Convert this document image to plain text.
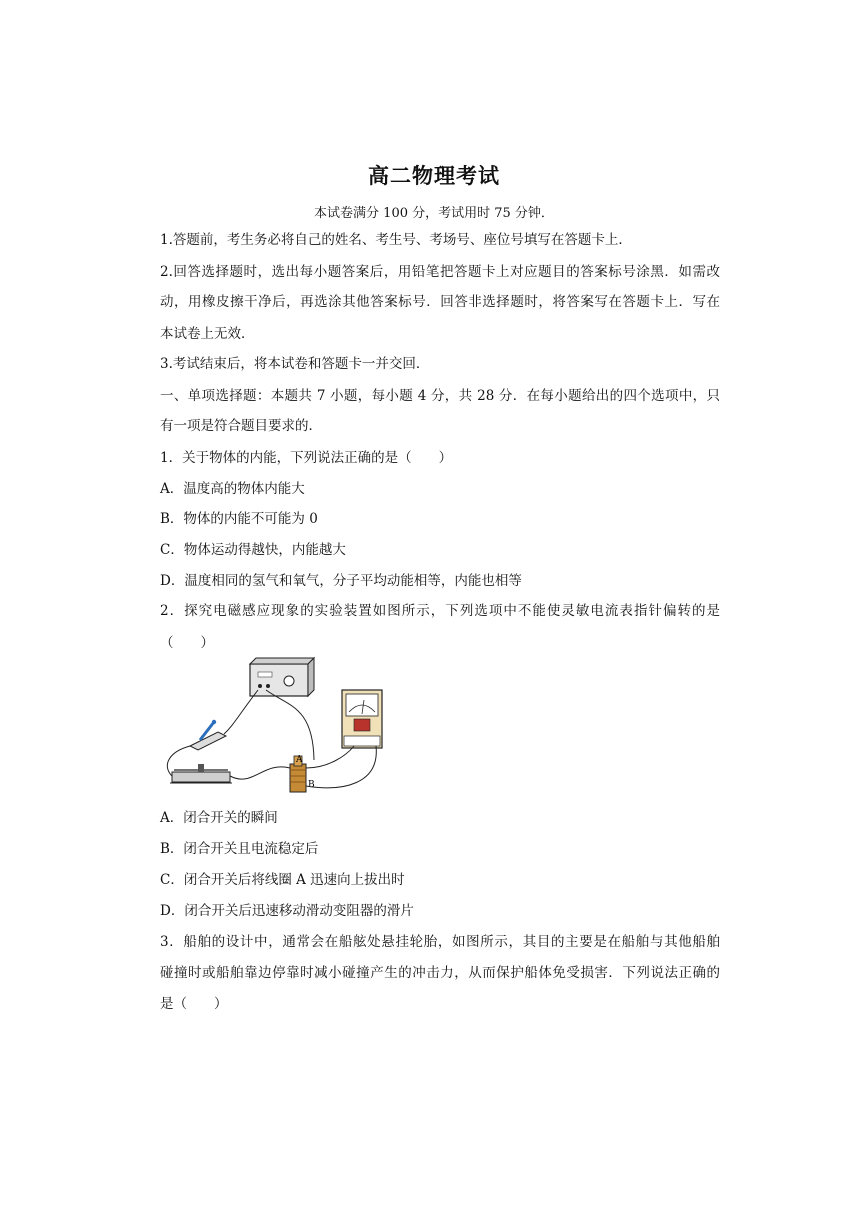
高二物理考试
本试卷满分 100 分，考试用时 75 分钟．
1.答题前，考生务必将自己的姓名、考生号、考场号、座位号填写在答题卡上．
2.回答选择题时，选出每小题答案后，用铅笔把答题卡上对应题目的答案标号涂黑．如需改
动，用橡皮擦干净后，再选涂其他答案标号．回答非选择题时，将答案写在答题卡上．写在
本试卷上无效．
3.考试结束后，将本试卷和答题卡一并交回．
一、单项选择题：本题共 7 小题，每小题 4 分，共 28 分．在每小题给出的四个选项中，只
有一项是符合题目要求的．
1．关于物体的内能，下列说法正确的是（　　）
A．温度高的物体内能大
B．物体的内能不可能为 0
C．物体运动得越快，内能越大
D．温度相同的氢气和氧气，分子平均动能相等，内能也相等
2．探究电磁感应现象的实验装置如图所示，下列选项中不能使灵敏电流表指针偏转的是
（　　）
A
B
A．闭合开关的瞬间
B．闭合开关且电流稳定后
C．闭合开关后将线圈 A 迅速向上拔出时
D．闭合开关后迅速移动滑动变阻器的滑片
3．船舶的设计中，通常会在船舷处悬挂轮胎，如图所示，其目的主要是在船舶与其他船舶
碰撞时或船舶靠边停靠时减小碰撞产生的冲击力，从而保护船体免受损害．下列说法正确的
是（　　）
